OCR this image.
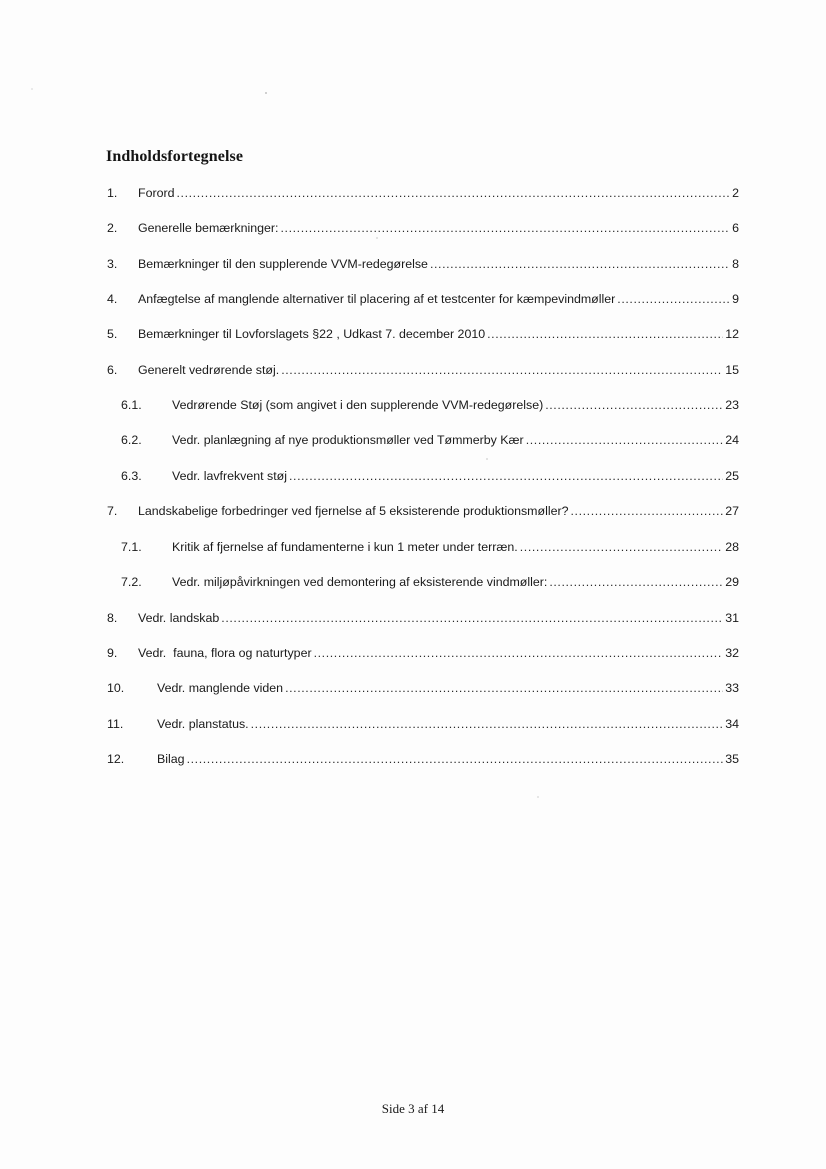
Indholdsfortegnelse
1.	Forord .....	2
2.	Generelle bemærkninger: .....	6
3.	Bemærkninger til den supplerende VVM-redegørelse .....	8
4.	Anfægtelse af manglende alternativer til placering af et testcenter for kæmpevindmøller .....	9
5.	Bemærkninger til Lovforslagets §22 , Udkast 7. december 2010 .....	12
6.	Generelt vedrørende støj. .....	15
6.1.	Vedrørende Støj (som angivet i den supplerende VVM-redegørelse) .....	23
6.2.	Vedr. planlægning af nye produktionsmøller ved Tømmerby Kær .....	24
6.3.	Vedr. lavfrekvent støj .....	25
7.	Landskabelige forbedringer ved fjernelse af 5 eksisterende produktionsmøller? .....	27
7.1.	Kritik af fjernelse af fundamenterne i kun 1 meter under terræn. .....	28
7.2.	Vedr. miljøpåvirkningen ved demontering af eksisterende vindmøller: .....	29
8.	Vedr. landskab .....	31
9.	Vedr.  fauna, flora og naturtyper .....	32
10.	Vedr. manglende viden .....	33
11.	Vedr. planstatus. .....	34
12.	Bilag .....	35
Side 3 af 14
